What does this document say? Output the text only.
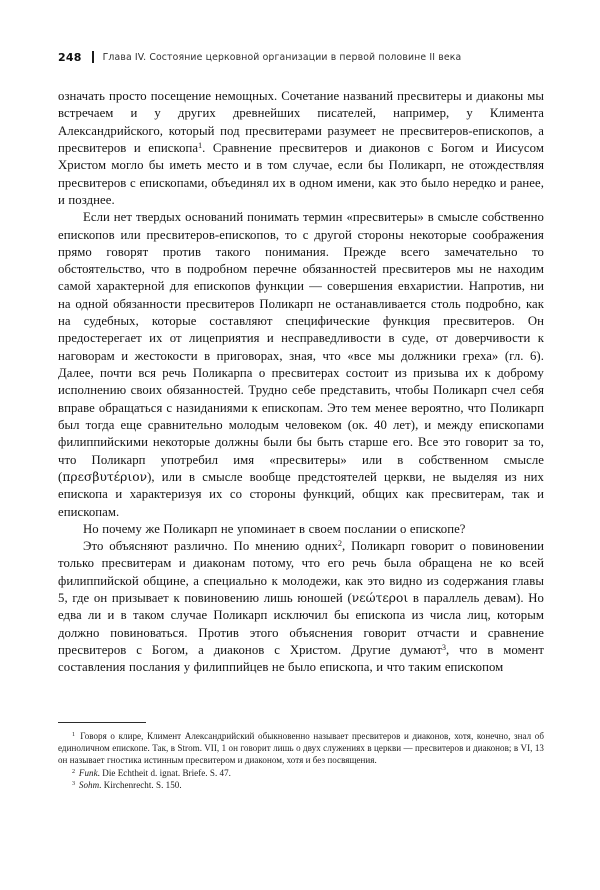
248 Глава IV. Состояние церковной организации в первой половине II века

означать просто посещение немощных. Сочетание названий пресвитеры и диаконы мы встречаем и у других древнейших писателей, например, у Климента Александрийского, который под пресвитерами разумеет не пресвитеров-епископов, а пресвитеров и епископа$^1$. Сравнение пресвитеров и диаконов с Богом и Иисусом Христом могло бы иметь место и в том случае, если бы Поликарп, не отождествляя пресвитеров с епископами, объединял их в одном имени, как это было нередко и ранее, и позднее.

Если нет твердых оснований понимать термин «пресвитеры» в смысле собственно епископов или пресвитеров-епископов, то с другой стороны некоторые соображения прямо говорят против такого понимания. Прежде всего замечательно то обстоятельство, что в подробном перечне обязанностей пресвитеров мы не находим самой характерной для епископов функции — совершения евхаристии. Напротив, ни на одной обязанности пресвитеров Поликарп не останавливается столь подробно, как на судебных, которые составляют специфические функция пресвитеров. Он предостерегает их от лицеприятия и несправедливости в суде, от доверчивости к наговорам и жестокости в приговорах, зная, что «все мы должники греха» (гл. 6). Далее, почти вся речь Поликарпа о пресвитерах состоит из призыва их к доброму исполнению своих обязанностей. Трудно себе представить, чтобы Поликарп счел себя вправе обращаться с назиданиями к епископам. Это тем менее вероятно, что Поликарп был тогда еще сравнительно молодым человеком (ок. 40 лет), и между епископами филиппийскими некоторые должны были бы быть старше его. Все это говорит за то, что Поликарп употребил имя «пресвитеры» или в собственном смысле (πρεσβυτέριον), или в смысле вообще предстоятелей церкви, не выделяя из них епископа и характеризуя их со стороны функций, общих как пресвитерам, так и епископам.

Но почему же Поликарп не упоминает в своем послании о епископе?

Это объясняют различно. По мнению одних$^2$, Поликарп говорит о повиновении только пресвитерам и диаконам потому, что его речь была обращена не ко всей филиппийской общине, а специально к молодежи, как это видно из содержания главы 5, где он призывает к повиновению лишь юношей (νεώτεροι в параллель девам). Но едва ли и в таком случае Поликарп исключил бы епископа из числа лиц, которым должно повиноваться. Против этого объяснения говорит отчасти и сравнение пресвитеров с Богом, а диаконов с Христом. Другие думают$^3$, что в момент составления послания у филиппийцев не было епископа, и что таким епископом

$^1$ Говоря о клире, Климент Александрийский обыкновенно называет пресвитеров и диаконов, хотя, конечно, знал об единоличном епископе. Так, в Strom. VII, 1 он говорит лишь о двух служениях в церкви — пресвитеров и диаконов; в VI, 13 он называет гностика истинным пресвитером и диаконом, хотя и без посвящения.

$^2$ Funk. Die Echtheit d. ignat. Briefe. S. 47.

$^3$ Sohm. Kirchenrecht. S. 150.
